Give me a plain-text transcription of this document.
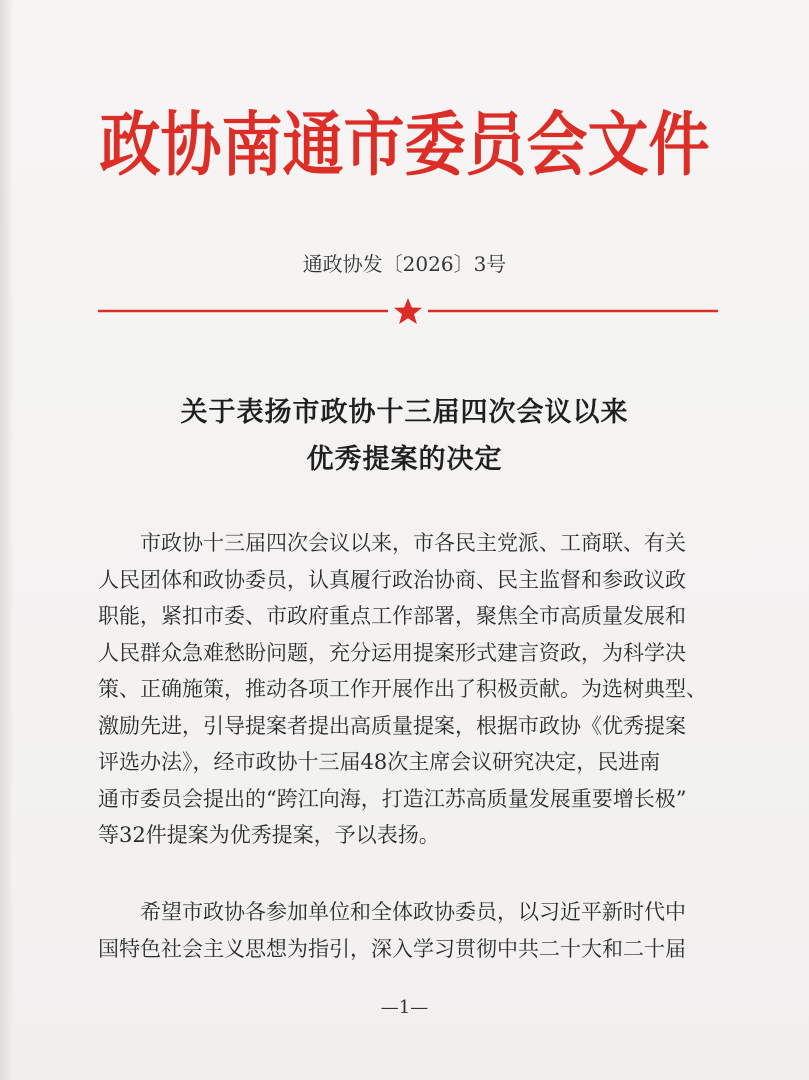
政协南通市委员会文件
通政协发〔2026〕3号
关于表扬市政协十三届四次会议以来
优秀提案的决定
市政协十三届四次会议以来，市各民主党派、工商联、有关
人民团体和政协委员，认真履行政治协商、民主监督和参政议政
职能，紧扣市委、市政府重点工作部署，聚焦全市高质量发展和
人民群众急难愁盼问题，充分运用提案形式建言资政，为科学决
策、正确施策，推动各项工作开展作出了积极贡献。为选树典型、
激励先进，引导提案者提出高质量提案，根据市政协《优秀提案
评选办法》，经市政协十三届48次主席会议研究决定，民进南
通市委员会提出的“跨江向海，打造江苏高质量发展重要增长极”
等32件提案为优秀提案，予以表扬。
希望市政协各参加单位和全体政协委员，以习近平新时代中
国特色社会主义思想为指引，深入学习贯彻中共二十大和二十届
—1—
